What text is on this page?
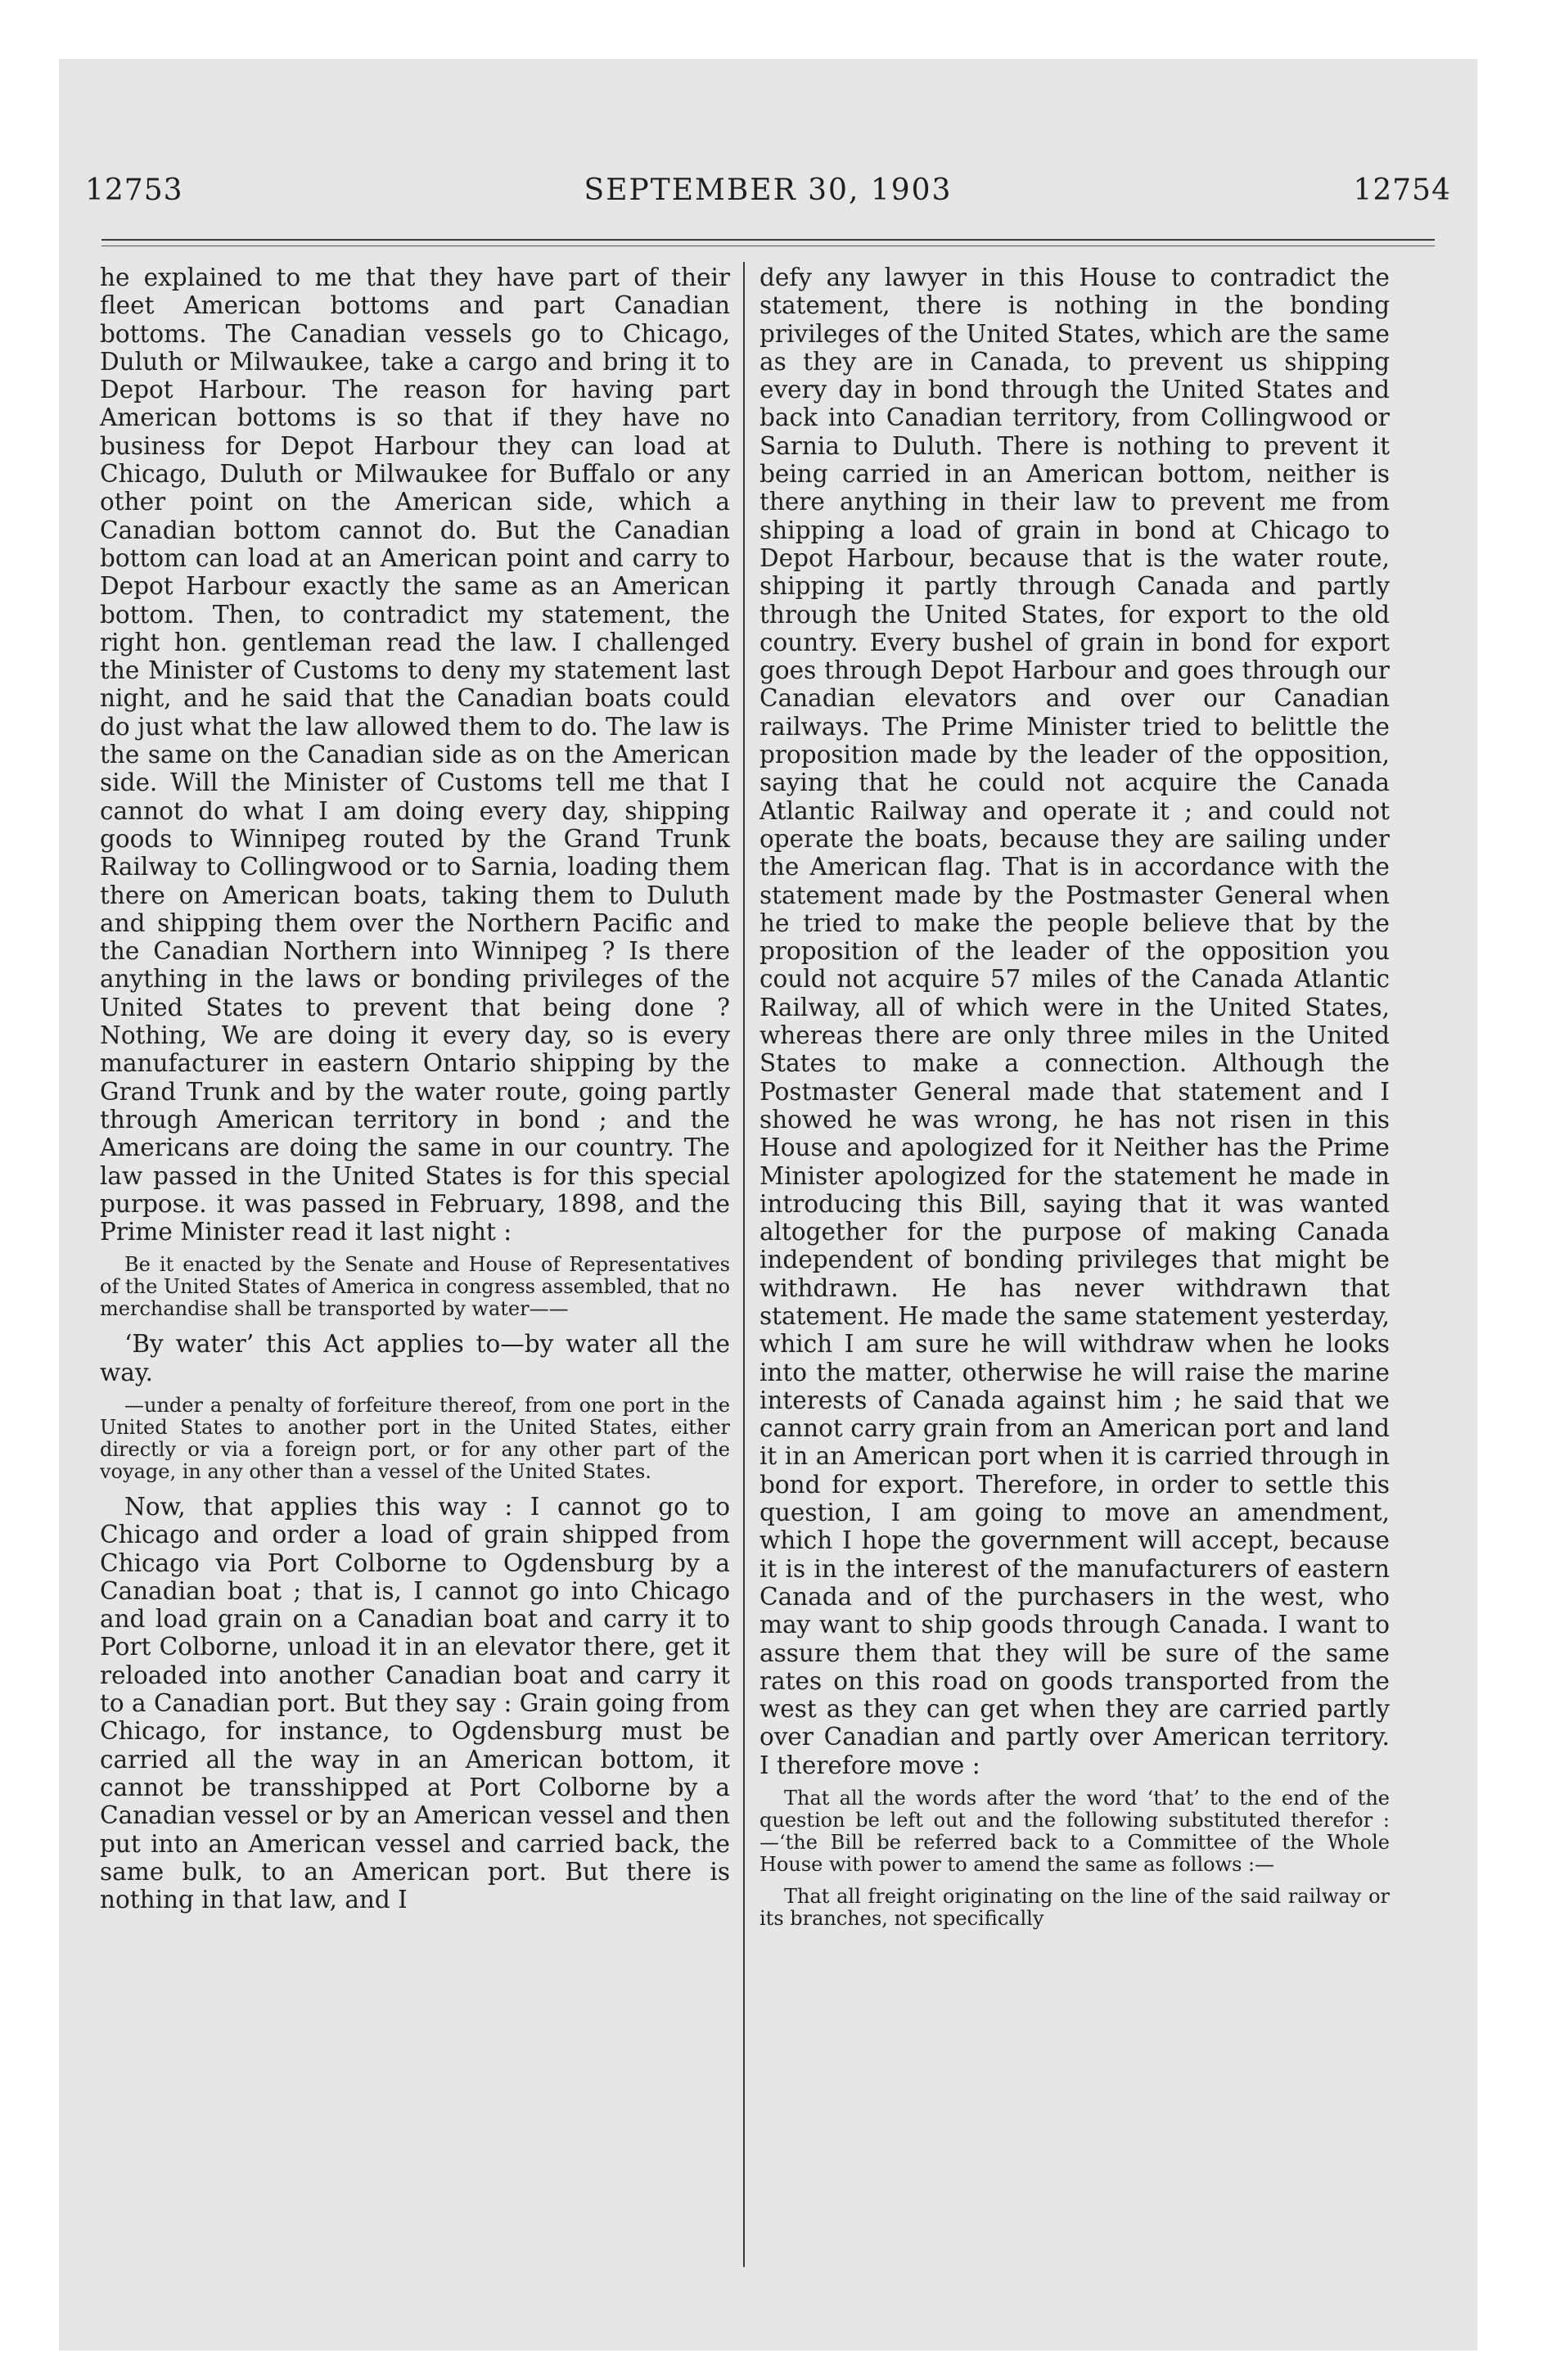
12753	SEPTEMBER 30, 1903	12754

he explained to me that they have part of their fleet American bottoms and part Canadian bottoms. The Canadian vessels go to Chicago, Duluth or Milwaukee, take a cargo and bring it to Depot Harbour. The reason for having part American bottoms is so that if they have no business for Depot Harbour they can load at Chicago, Duluth or Milwaukee for Buffalo or any other point on the American side, which a Canadian bottom cannot do. But the Canadian bottom can load at an American point and carry to Depot Harbour exactly the same as an American bottom. Then, to contradict my statement, the right hon. gentleman read the law. I challenged the Minister of Customs to deny my statement last night, and he said that the Canadian boats could do just what the law allowed them to do. The law is the same on the Canadian side as on the American side. Will the Minister of Customs tell me that I cannot do what I am doing every day, shipping goods to Winnipeg routed by the Grand Trunk Railway to Collingwood or to Sarnia, loading them there on American boats, taking them to Duluth and shipping them over the Northern Pacific and the Canadian Northern into Winnipeg ? Is there anything in the laws or bonding privileges of the United States to prevent that being done ? Nothing, We are doing it every day, so is every manufacturer in eastern Ontario shipping by the Grand Trunk and by the water route, going partly through American territory in bond ; and the Americans are doing the same in our country. The law passed in the United States is for this special purpose. it was passed in February, 1898, and the Prime Minister read it last night :

Be it enacted by the Senate and House of Representatives of the United States of America in congress assembled, that no merchandise shall be transported by water——

‘By water’ this Act applies to—by water all the way.

—under a penalty of forfeiture thereof, from one port in the United States to another port in the United States, either directly or via a foreign port, or for any other part of the voyage, in any other than a vessel of the United States.

Now, that applies this way : I cannot go to Chicago and order a load of grain shipped from Chicago via Port Colborne to Ogdensburg by a Canadian boat ; that is, I cannot go into Chicago and load grain on a Canadian boat and carry it to Port Colborne, unload it in an elevator there, get it reloaded into another Canadian boat and carry it to a Canadian port. But they say : Grain going from Chicago, for instance, to Ogdensburg must be carried all the way in an American bottom, it cannot be transshipped at Port Colborne by a Canadian vessel or by an American vessel and then put into an American vessel and carried back, the same bulk, to an American port. But there is nothing in that law, and I

defy any lawyer in this House to contradict the statement, there is nothing in the bonding privileges of the United States, which are the same as they are in Canada, to prevent us shipping every day in bond through the United States and back into Canadian territory, from Collingwood or Sarnia to Duluth. There is nothing to prevent it being carried in an American bottom, neither is there anything in their law to prevent me from shipping a load of grain in bond at Chicago to Depot Harbour, because that is the water route, shipping it partly through Canada and partly through the United States, for export to the old country. Every bushel of grain in bond for export goes through Depot Harbour and goes through our Canadian elevators and over our Canadian railways. The Prime Minister tried to belittle the proposition made by the leader of the opposition, saying that he could not acquire the Canada Atlantic Railway and operate it ; and could not operate the boats, because they are sailing under the American flag. That is in accordance with the statement made by the Postmaster General when he tried to make the people believe that by the proposition of the leader of the opposition you could not acquire 57 miles of the Canada Atlantic Railway, all of which were in the United States, whereas there are only three miles in the United States to make a connection. Although the Postmaster General made that statement and I showed he was wrong, he has not risen in this House and apologized for it Neither has the Prime Minister apologized for the statement he made in introducing this Bill, saying that it was wanted altogether for the purpose of making Canada independent of bonding privileges that might be withdrawn. He has never withdrawn that statement. He made the same statement yesterday, which I am sure he will withdraw when he looks into the matter, otherwise he will raise the marine interests of Canada against him ; he said that we cannot carry grain from an American port and land it in an American port when it is carried through in bond for export. Therefore, in order to settle this question, I am going to move an amendment, which I hope the government will accept, because it is in the interest of the manufacturers of eastern Canada and of the purchasers in the west, who may want to ship goods through Canada. I want to assure them that they will be sure of the same rates on this road on goods transported from the west as they can get when they are carried partly over Canadian and partly over American territory. I therefore move :

That all the words after the word ‘that’ to the end of the question be left out and the following substituted therefor :—‘the Bill be referred back to a Committee of the Whole House with power to amend the same as follows :—

That all freight originating on the line of the said railway or its branches, not specifically
